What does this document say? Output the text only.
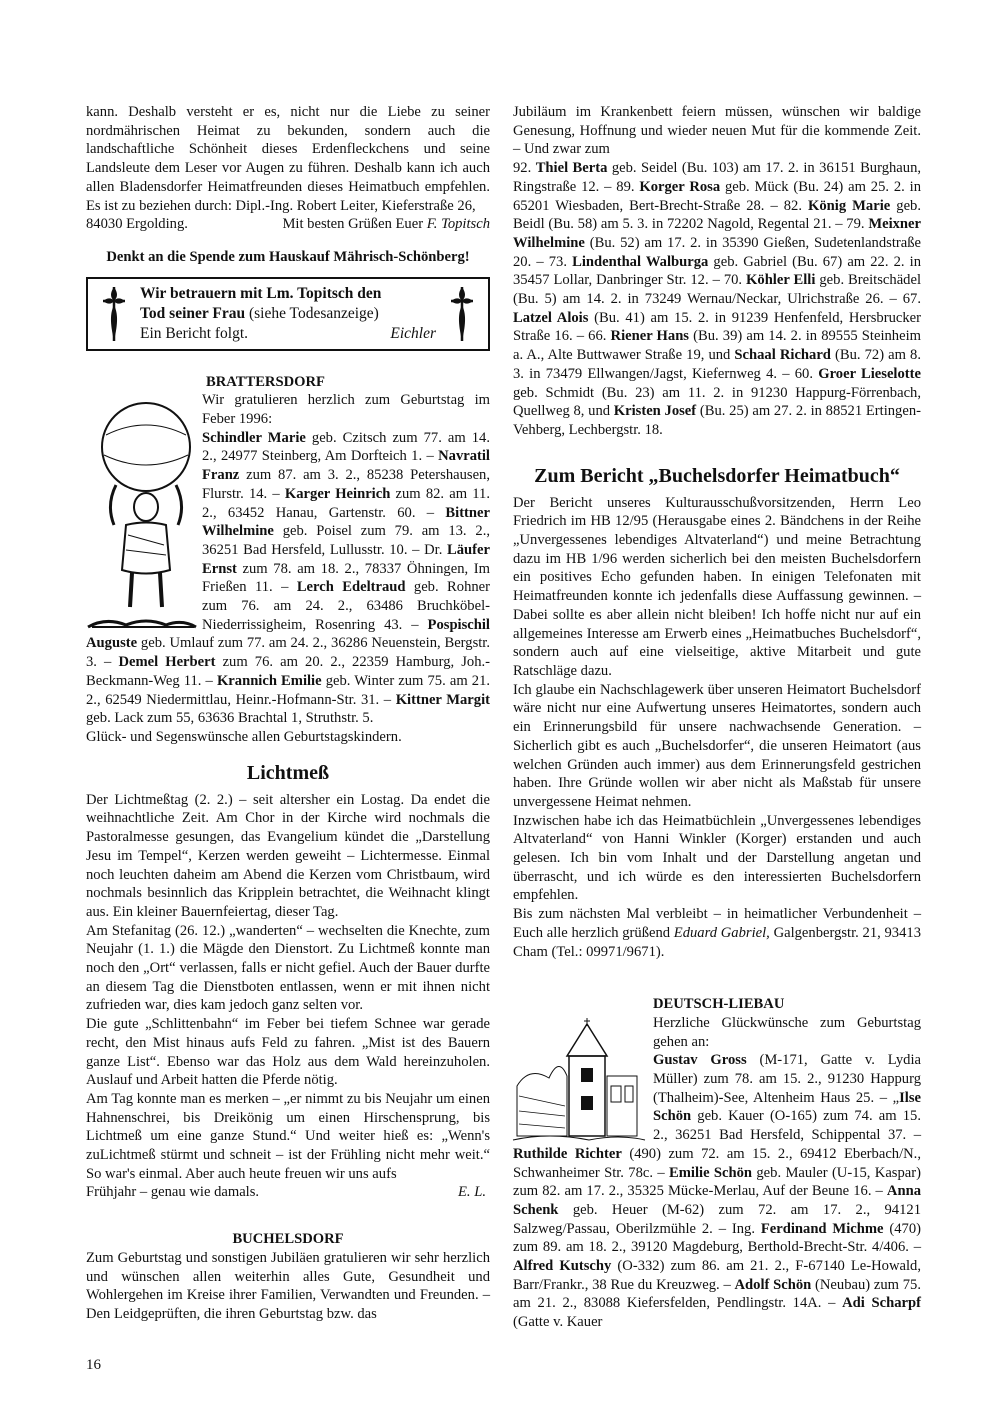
kann. Deshalb versteht er es, nicht nur die Liebe zu seiner nordmährischen Heimat zu bekunden, sondern auch die landschaftliche Schönheit dieses Erdenfleckchens und seine Landsleute dem Leser vor Augen zu führen. Deshalb kann ich auch allen Bladensdorfer Heimatfreunden dieses Heimatbuch empfehlen. Es ist zu beziehen durch: Dipl.-Ing. Robert Leiter, Kieferstraße 26,

84030 Ergolding.	Mit besten Grüßen Euer F. Topitsch
Denkt an die Spende zum Hauskauf Mährisch-Schönberg!
Wir betrauern mit Lm. Topitsch den
Tod seiner Frau (siehe Todesanzeige)
Ein Bericht folgt.	Eichler
BRATTERSDORF

Wir gratulieren herzlich zum Geburtstag im Feber 1996:
Schindler Marie geb. Czitsch zum 77. am 14. 2., 24977 Steinberg, Am Dorfteich 1. – Navratil Franz zum 87. am 3. 2., 85238 Petershausen, Flurstr. 14. – Karger Heinrich zum 82. am 11. 2., 63452 Hanau, Gartenstr. 60. – Bittner Wilhelmine geb. Poisel zum 79. am 13. 2., 36251 Bad Hersfeld, Lullusstr. 10. – Dr. Läufer Ernst zum 78. am 18. 2., 78337 Öhningen, Im Frießen 11. – Lerch Edeltraud geb. Rohner zum 76. am 24. 2., 63486 Bruchköbel-Niederrissigheim, Rosenring 43. – Pospischil Auguste geb. Umlauf zum 77. am 24. 2., 36286 Neuenstein, Bergstr. 3. – Demel Herbert zum 76. am 20. 2., 22359 Hamburg, Joh.-Beckmann-Weg 11. – Krannich Emilie geb. Winter zum 75. am 21. 2., 62549 Niedermittlau, Heinr.-Hofmann-Str. 31. – Kittner Margit geb. Lack zum 55, 63636 Brachtal 1, Struthstr. 5.

Glück- und Segenswünsche allen Geburtstagskindern.

Lichtmeß

Der Lichtmeßtag (2. 2.) – seit altersher ein Lostag. Da endet die weihnachtliche Zeit. Am Chor in der Kirche wird nochmals die Pastoralmesse gesungen, das Evangelium kündet die „Darstellung Jesu im Tempel“, Kerzen werden geweiht – Lichtermesse. Einmal noch leuchten daheim am Abend die Kerzen vom Christbaum, wird nochmals besinnlich das Kripplein betrachtet, die Weihnacht klingt aus. Ein kleiner Bauernfeiertag, dieser Tag.

Am Stefanitag (26. 12.) „wanderten“ – wechselten die Knechte, zum Neujahr (1. 1.) die Mägde den Dienstort. Zu Lichtmeß konnte man noch den „Ort“ verlassen, falls er nicht gefiel. Auch der Bauer durfte an diesem Tag die Dienstboten entlassen, wenn er mit ihnen nicht zufrieden war, dies kam jedoch ganz selten vor.

Die gute „Schlittenbahn“ im Feber bei tiefem Schnee war gerade recht, den Mist hinaus aufs Feld zu fahren. „Mist ist des Bauern ganze List“. Ebenso war das Holz aus dem Wald hereinzuholen. Auslauf und Arbeit hatten die Pferde nötig.

Am Tag konnte man es merken – „er nimmt zu bis Neujahr um einen Hahnenschrei, bis Dreikönig um einen Hirschensprung, bis Lichtmeß um eine ganze Stund.“ Und weiter hieß es: „Wenn's zuLichtmeß stürmt und schneit – ist der Frühling nicht mehr weit.“ So war's einmal. Aber auch heute freuen wir uns aufs

Frühjahr – genau wie damals.	E. L.
BUCHELSDORF

Zum Geburtstag und sonstigen Jubiläen gratulieren wir sehr herzlich und wünschen allen weiterhin alles Gute, Gesundheit und Wohlergehen im Kreise ihrer Familien, Verwandten und Freunden. – Den Leidgeprüften, die ihren Geburtstag bzw. das

Jubiläum im Krankenbett feiern müssen, wünschen wir baldige Genesung, Hoffnung und wieder neuen Mut für die kommende Zeit. – Und zwar zum

92. Thiel Berta geb. Seidel (Bu. 103) am 17. 2. in 36151 Burghaun, Ringstraße 12. – 89. Korger Rosa geb. Mück (Bu. 24) am 25. 2. in 65201 Wiesbaden, Bert-Brecht-Straße 28. – 82. König Marie geb. Beidl (Bu. 58) am 5. 3. in 72202 Nagold, Regental 21. – 79. Meixner Wilhelmine (Bu. 52) am 17. 2. in 35390 Gießen, Sudetenlandstraße 20. – 73. Lindenthal Walburga geb. Gabriel (Bu. 67) am 22. 2. in 35457 Lollar, Danbringer Str. 12. – 70. Köhler Elli geb. Breitschädel (Bu. 5) am 14. 2. in 73249 Wernau/Neckar, Ulrichstraße 26. – 67. Latzel Alois (Bu. 41) am 15. 2. in 91239 Henfenfeld, Hersbrucker Straße 16. – 66. Riener Hans (Bu. 39) am 14. 2. in 89555 Steinheim a. A., Alte Buttwawer Straße 19, und Schaal Richard (Bu. 72) am 8. 3. in 73479 Ellwangen/Jagst, Kiefernweg 4. – 60. Groer Lieselotte geb. Schmidt (Bu. 23) am 11. 2. in 91230 Happurg-Förrenbach, Quellweg 8, und Kristen Josef (Bu. 25) am 27. 2. in 88521 Ertingen-Vehberg, Lechbergstr. 18.

Zum Bericht „Buchelsdorfer Heimatbuch“

Der Bericht unseres Kulturausschußvorsitzenden, Herrn Leo Friedrich im HB 12/95 (Herausgabe eines 2. Bändchens in der Reihe „Unvergessenes lebendiges Altvaterland“) und meine Betrachtung dazu im HB 1/96 werden sicherlich bei den meisten Buchelsdorfern ein positives Echo gefunden haben. In einigen Telefonaten mit Heimatfreunden konnte ich jedenfalls diese Auffassung gewinnen. – Dabei sollte es aber allein nicht bleiben! Ich hoffe nicht nur auf ein allgemeines Interesse am Erwerb eines „Heimatbuches Buchelsdorf“, sondern auch auf eine vielseitige, aktive Mitarbeit und gute Ratschläge dazu.

Ich glaube ein Nachschlagewerk über unseren Heimatort Buchelsdorf wäre nicht nur eine Aufwertung unseres Heimatortes, sondern auch ein Erinnerungsbild für unsere nachwachsende Generation. – Sicherlich gibt es auch „Buchelsdorfer“, die unseren Heimatort (aus welchen Gründen auch immer) aus dem Erinnerungsfeld gestrichen haben. Ihre Gründe wollen wir aber nicht als Maßstab für unsere unvergessene Heimat nehmen.

Inzwischen habe ich das Heimatbüchlein „Unvergessenes lebendiges Altvaterland“ von Hanni Winkler (Korger) erstanden und auch gelesen. Ich bin vom Inhalt und der Darstellung angetan und überrascht, und ich würde es den interessierten Buchelsdorfern empfehlen.

Bis zum nächsten Mal verbleibt – in heimatlicher Verbundenheit – Euch alle herzlich grüßend Eduard Gabriel, Galgenbergstr. 21, 93413 Cham (Tel.: 09971/9671).

DEUTSCH-LIEBAU

Herzliche Glückwünsche zum Geburtstag gehen an:
Gustav Gross (M-171, Gatte v. Lydia Müller) zum 78. am 15. 2., 91230 Happurg (Thalheim)-See, Altenheim Haus 25. – „Ilse Schön geb. Kauer (O-165) zum 74. am 15. 2., 36251 Bad Hersfeld, Schippental 37. – Ruthilde Richter (490) zum 72. am 15. 2., 69412 Eberbach/N., Schwanheimer Str. 78c. – Emilie Schön geb. Mauler (U-15, Kaspar) zum 82. am 17. 2., 35325 Mücke-Merlau, Auf der Beune 16. – Anna Schenk geb. Heuer (M-62) zum 72. am 17. 2., 94121 Salzweg/Passau, Oberilzmühle 2. – Ing. Ferdinand Michme (470) zum 89. am 18. 2., 39120 Magdeburg, Berthold-Brecht-Str. 4/406. – Alfred Kutschy (O-332) zum 86. am 21. 2., F-67140 Le-Howald, Barr/Frankr., 38 Rue du Kreuzweg. – Adolf Schön (Neubau) zum 75. am 21. 2., 83088 Kiefersfelden, Pendlingstr. 14A. – Adi Scharpf (Gatte v. Kauer

16
